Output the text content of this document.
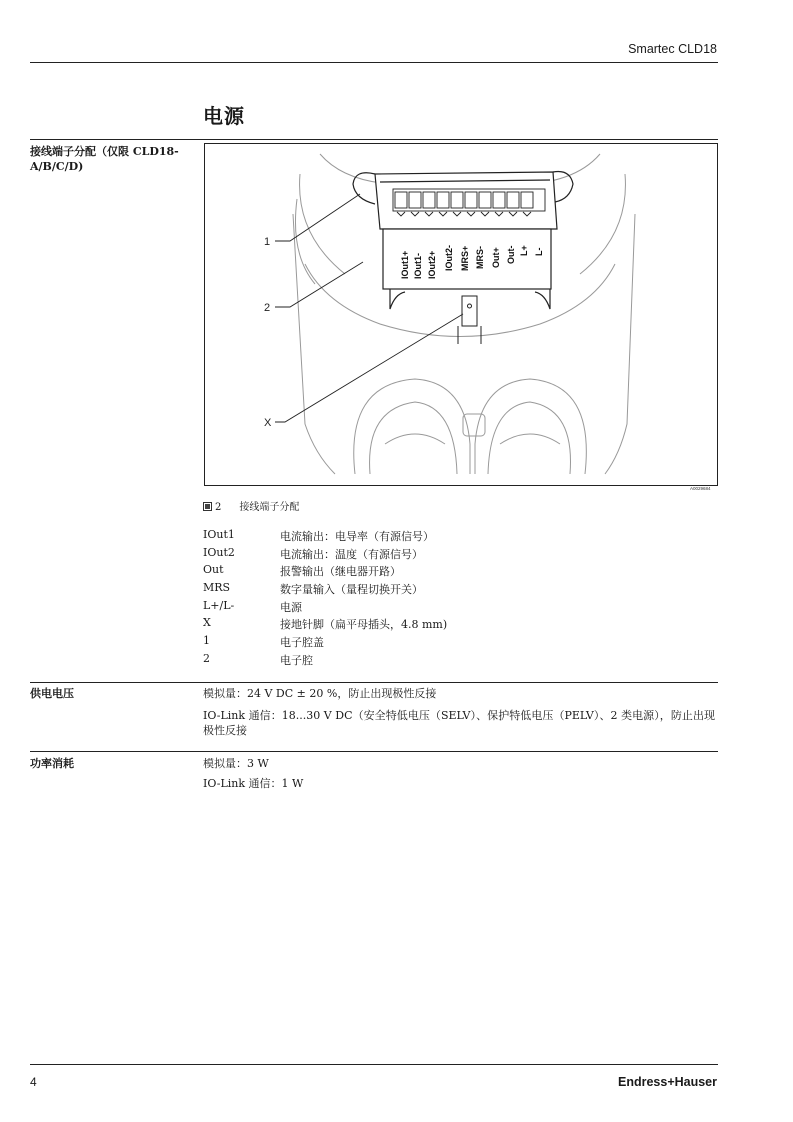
Smartec CLD18
电源
接线端子分配（仅限 CLD18-A/B/C/D)
IOut1+ IOut1- IOut2+ IOut2- MRS+ MRS- Out+ Out- L+ L-
1
2
X
A0029684
2 接线端子分配
IOut1	电流输出：电导率（有源信号）
IOut2	电流输出：温度（有源信号）
Out	报警输出（继电器开路）
MRS	数字量输入（量程切换开关）
L+/L-	电源
X	接地针脚（扁平母插头，4.8 mm)
1	电子腔盖
2	电子腔
供电电压	模拟量：24 V DC ± 20 %，防止出现极性反接
IO-Link 通信：18...30 V DC（安全特低电压（SELV）、保护特低电压（PELV）、2 类电源），防止出现极性反接
功率消耗	模拟量：3 W
IO-Link 通信：1 W
4	Endress+Hauser
